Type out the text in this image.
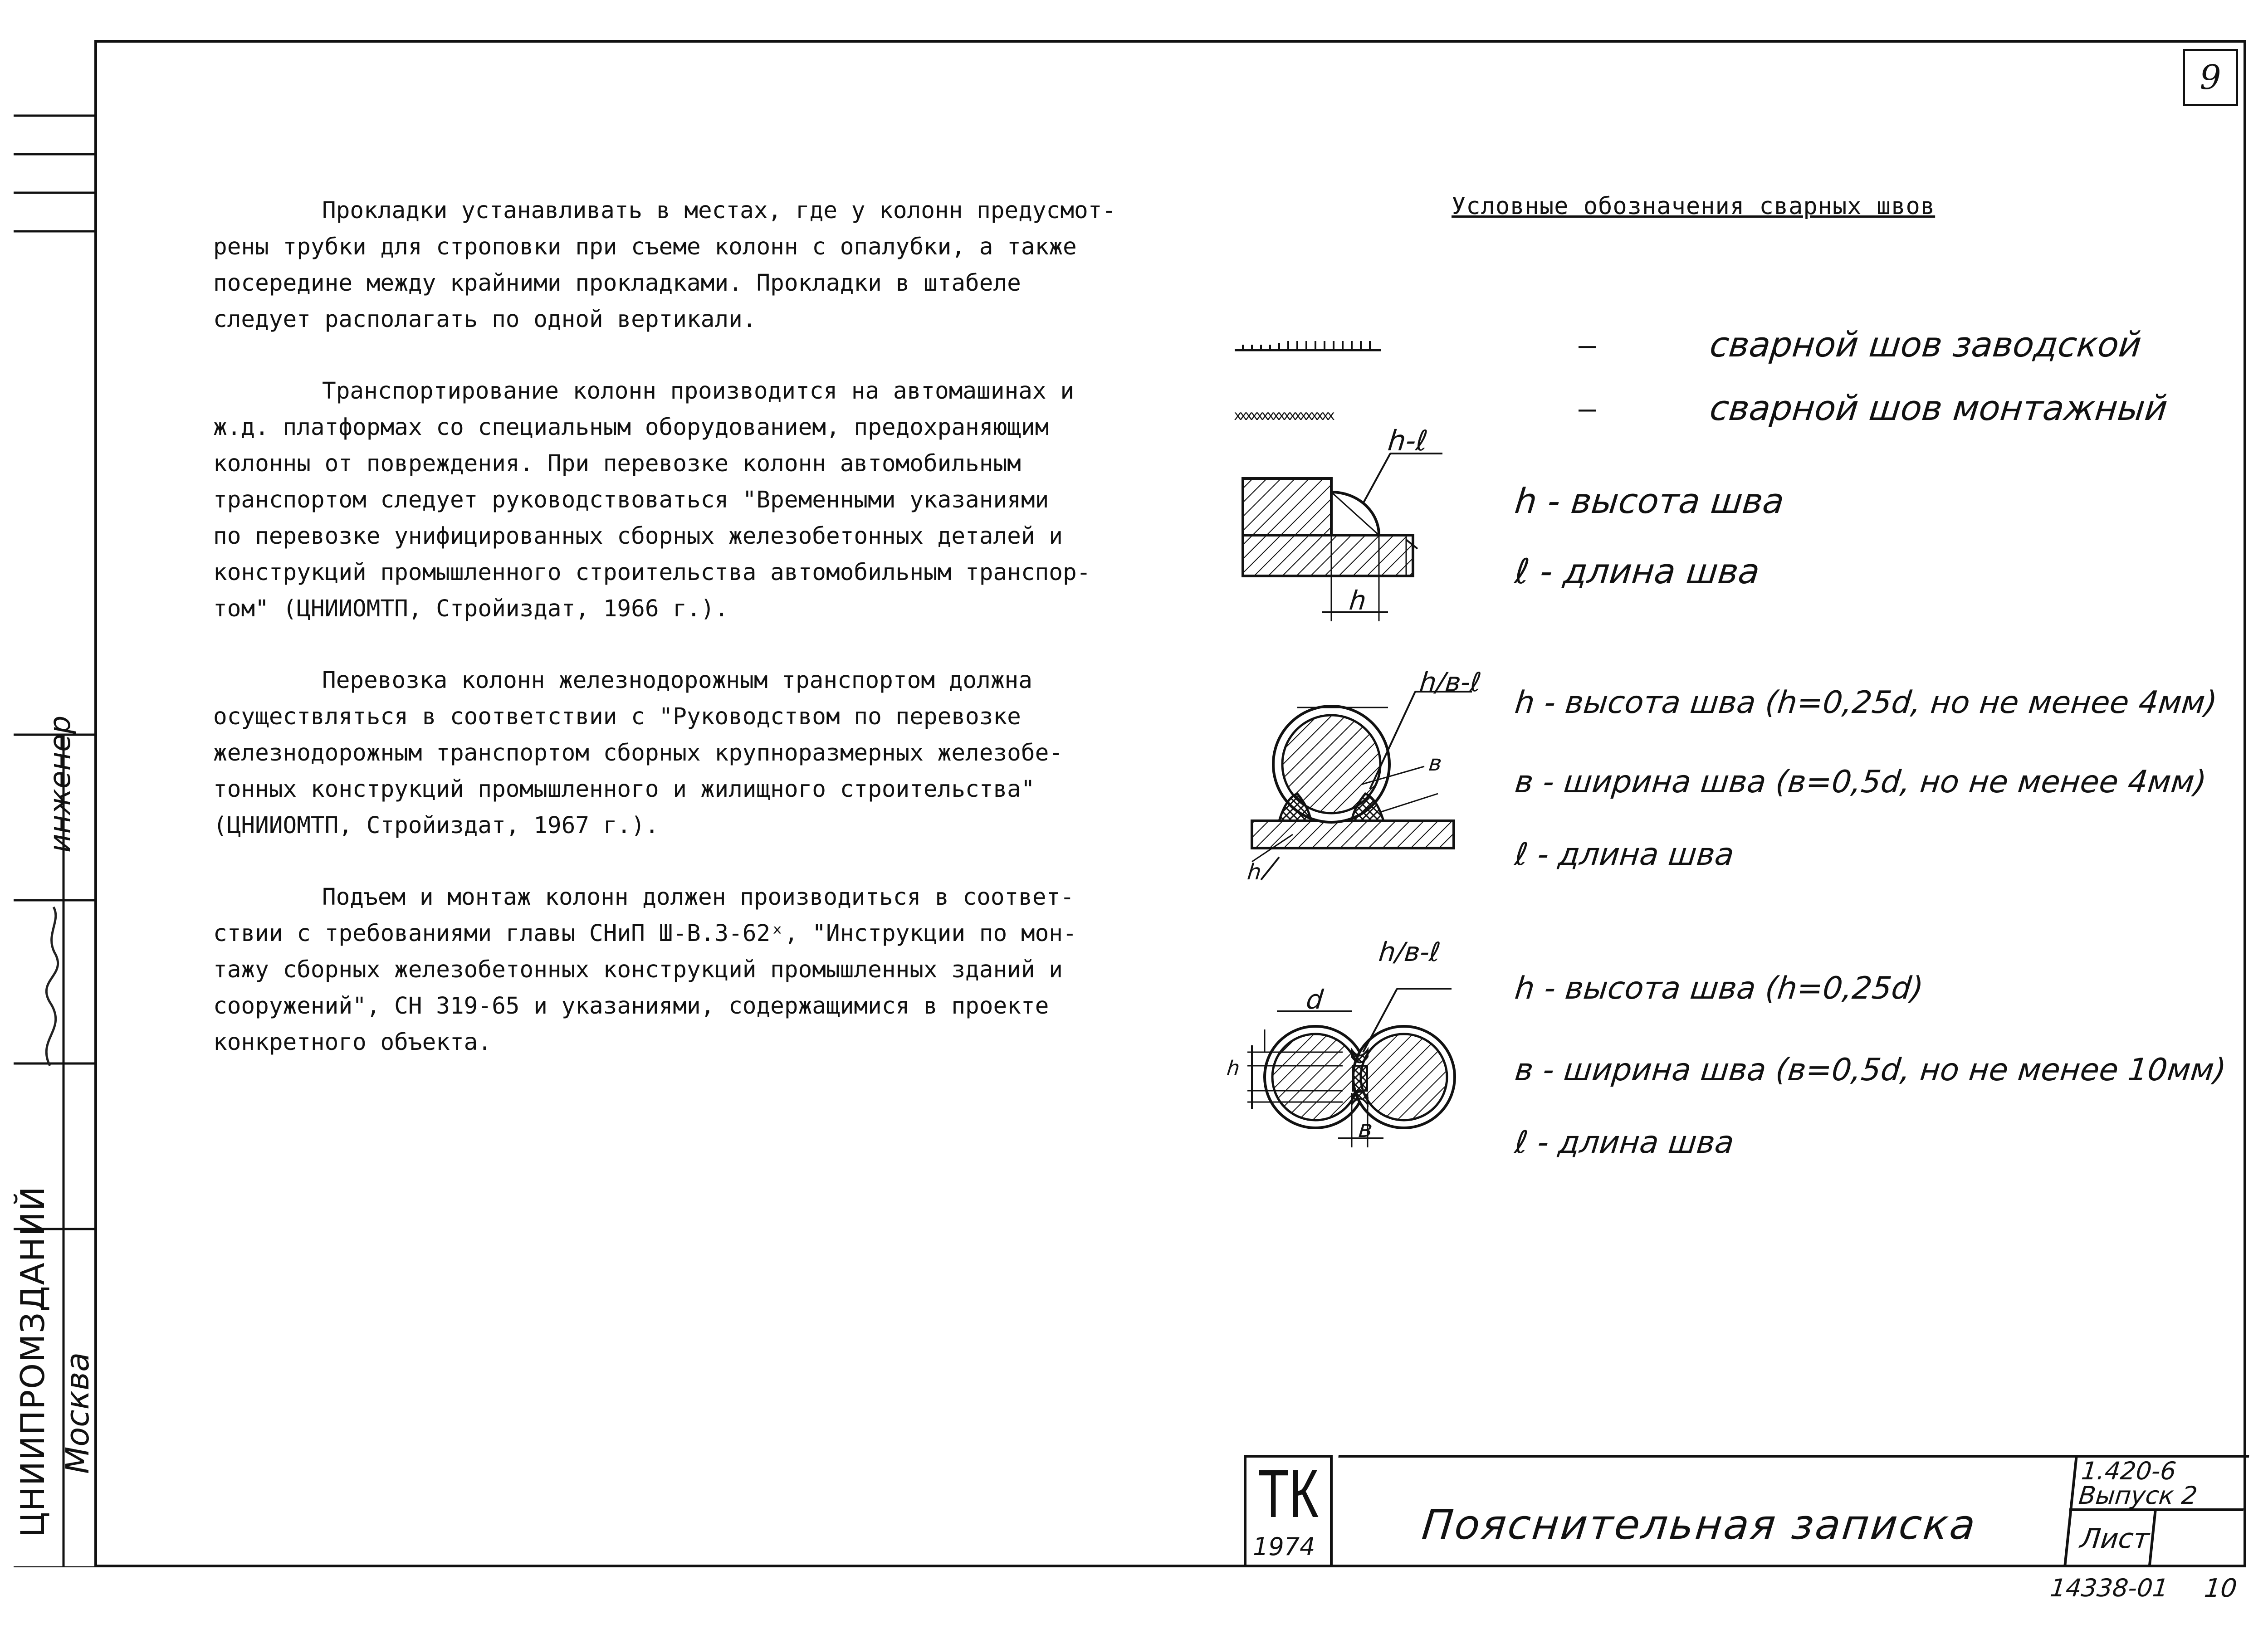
инженер
ЦНИИПРОМЗДАНИЙ Москва
9

Прокладки устанавливать в местах, где у колонн предусмот-
рены трубки для строповки при съеме колонн с опалубки, а также
посередине между крайними прокладками. Прокладки в штабеле
следует располагать по одной вертикали.

Транспортирование колонн производится на автомашинах и
ж.д. платформах со специальным оборудованием, предохраняющим
колонны от повреждения. При перевозке колонн автомобильным
транспортом следует руководствоваться "Временными указаниями
по перевозке унифицированных сборных железобетонных деталей и
конструкций промышленного строительства автомобильным транспор-
том" (ЦНИИОМТП, Стройиздат, 1966 г.).

Перевозка колонн железнодорожным транспортом должна
осуществляться в соответствии с "Руководством по перевозке
железнодорожным транспортом сборных крупноразмерных железобе-
тонных конструкций промышленного и жилищного строительства"
(ЦНИИОМТП, Стройиздат, 1967 г.).

Подъем и монтаж колонн должен производиться в соответ-
ствии с требованиями главы СНиП Ш-В.3-62ˣ, "Инструкции по мон-
тажу сборных железобетонных конструкций промышленных зданий и
сооружений", СН 319-65 и указаниями, содержащимися в проекте
конкретного объекта.

Условные обозначения сварных швов
—	сварной шов заводской
xxxxxxxxxxxxxxxxxx	—	сварной шов монтажный
h-ℓ
h
h - высота шва
ℓ - длина шва
h/в-ℓ
в
h
h - высота шва (h=0,25d, но не менее 4мм)
в - ширина шва (в=0,5d, но не менее 4мм)
ℓ - длина шва
h/в-ℓ
d
в
h
h - высота шва (h=0,25d)
в - ширина шва (в=0,5d, но не менее 10мм)
ℓ - длина шва
ТК
1974	Пояснительная записка
1.420-6
Выпуск 2
Лист
14338-01 10
